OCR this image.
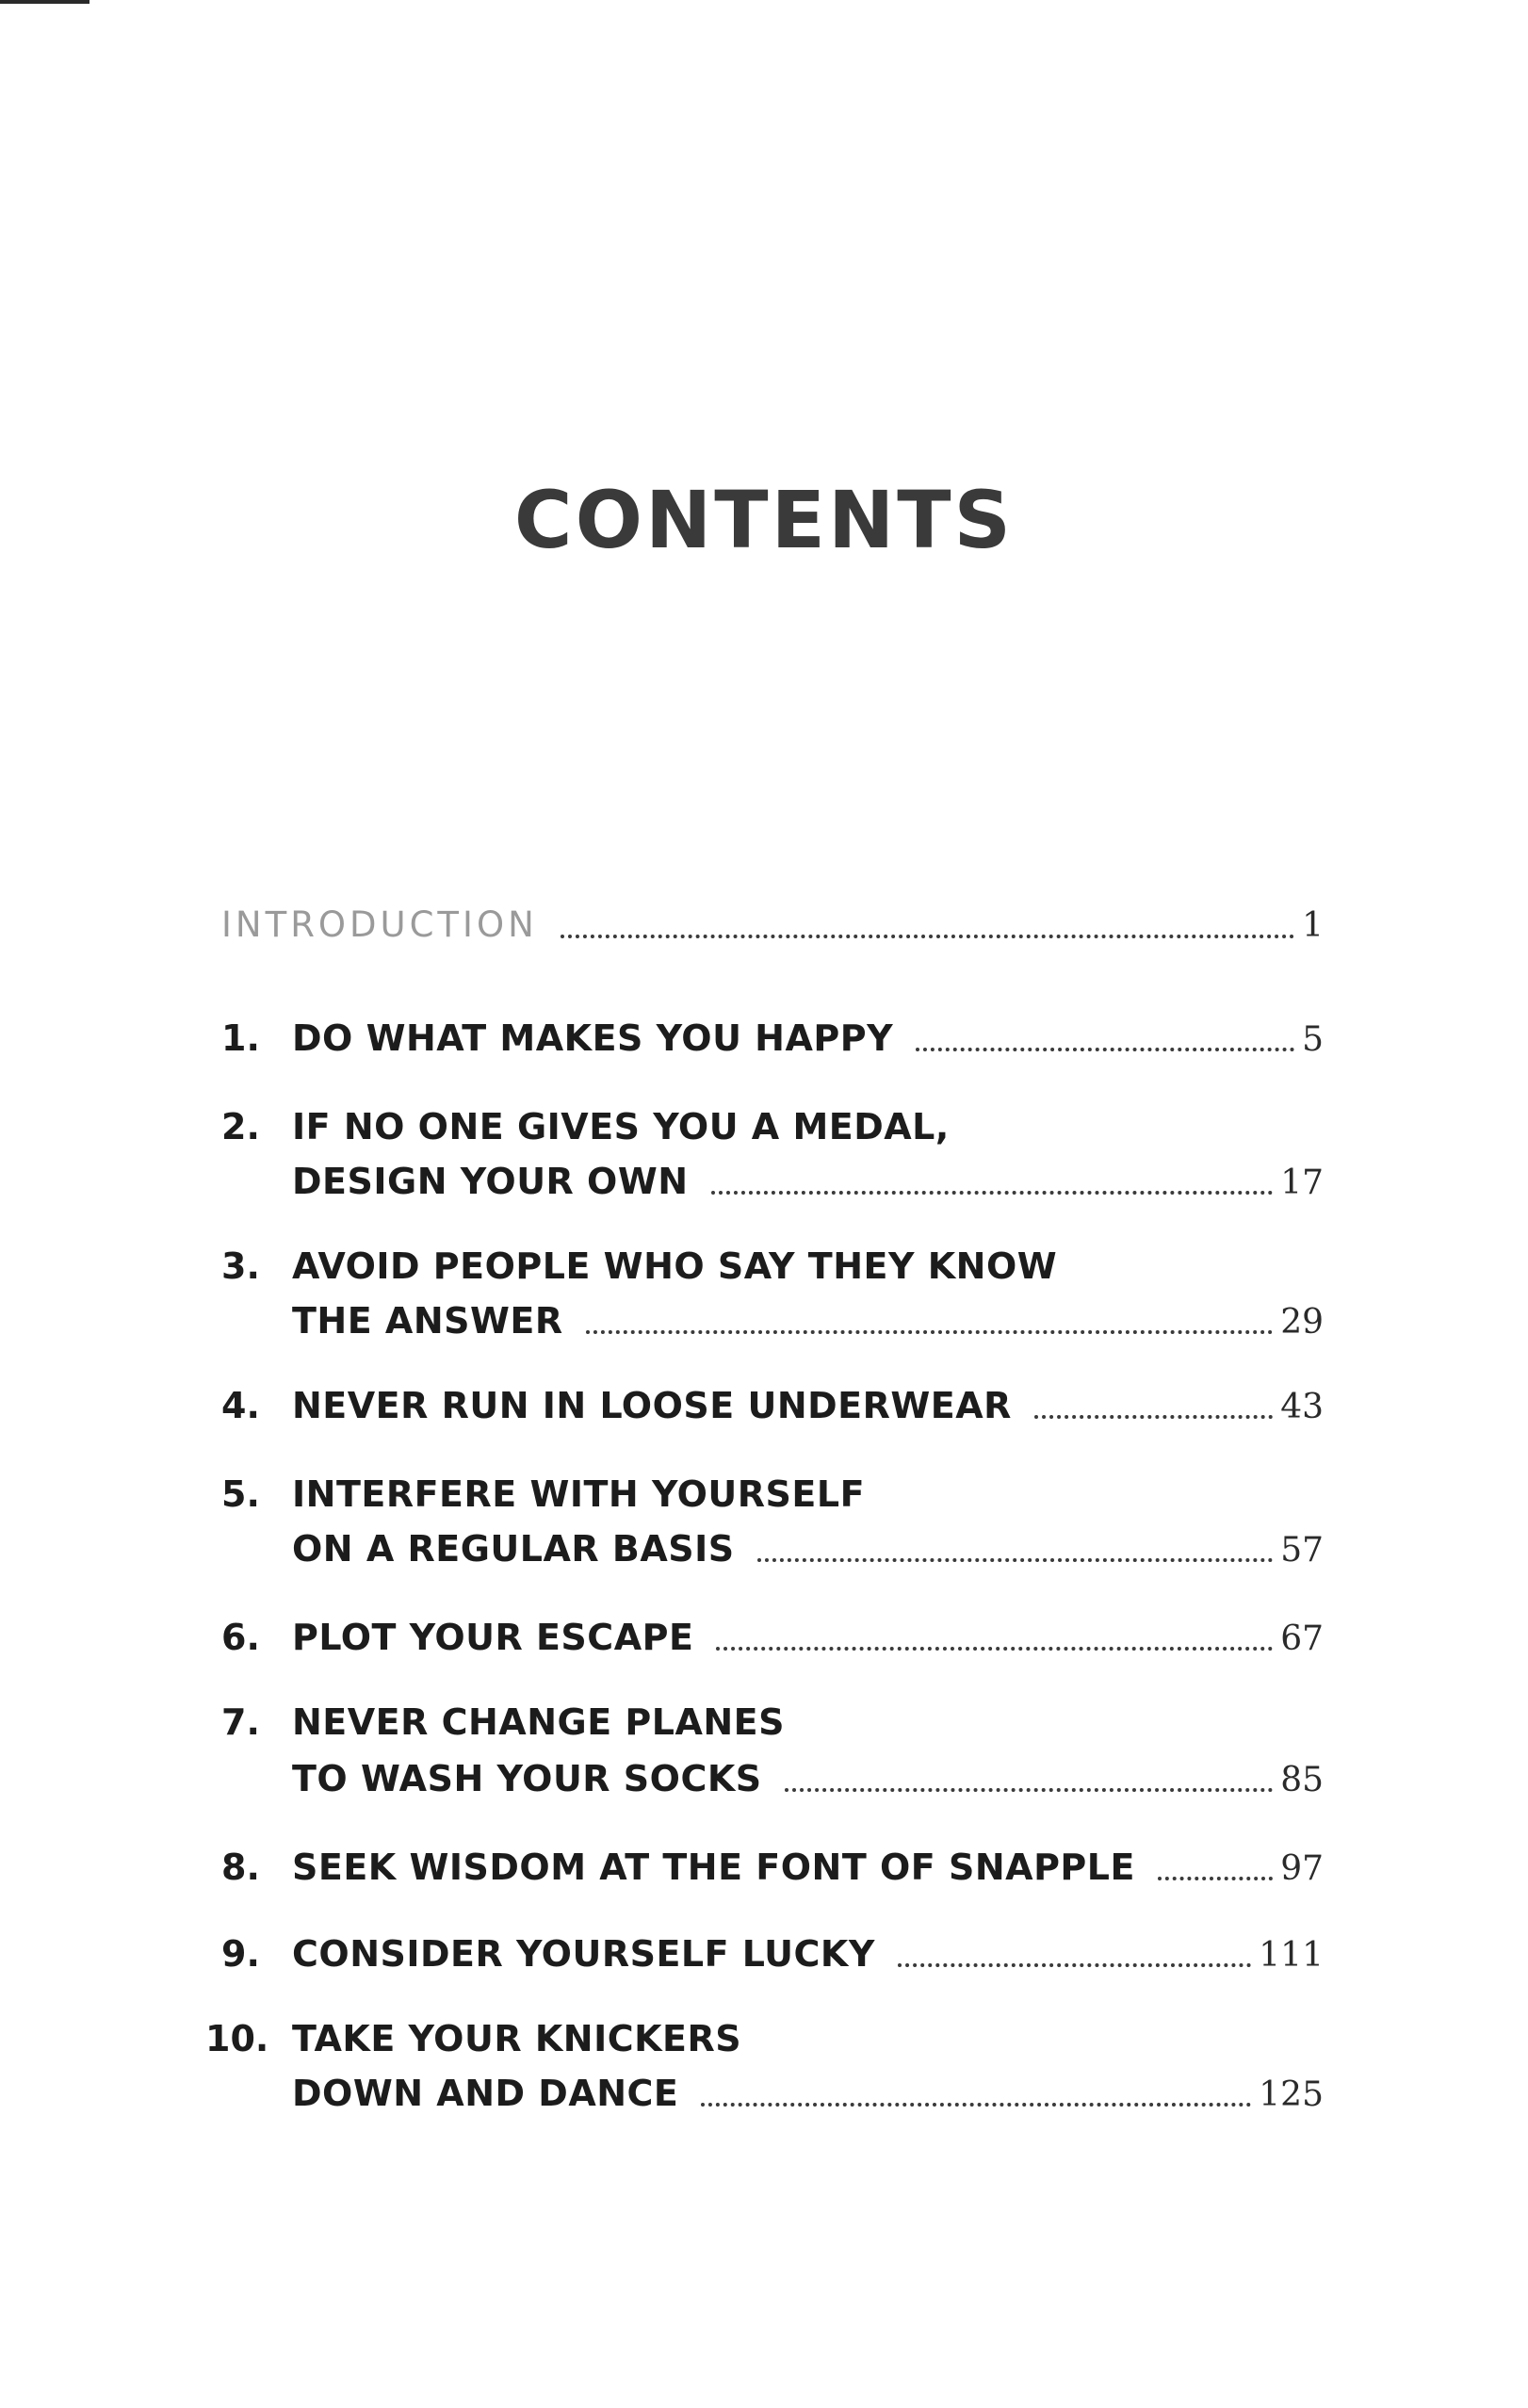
CONTENTS
INTRODUCTION	1
1. DO WHAT MAKES YOU HAPPY	5
2. IF NO ONE GIVES YOU A MEDAL,
DESIGN YOUR OWN	17
3. AVOID PEOPLE WHO SAY THEY KNOW
THE ANSWER	29
4. NEVER RUN IN LOOSE UNDERWEAR	43
5. INTERFERE WITH YOURSELF
ON A REGULAR BASIS	57
6. PLOT YOUR ESCAPE	67
7. NEVER CHANGE PLANES
TO WASH YOUR SOCKS	85
8. SEEK WISDOM AT THE FONT OF SNAPPLE	97
9. CONSIDER YOURSELF LUCKY	111
10. TAKE YOUR KNICKERS
DOWN AND DANCE	125
